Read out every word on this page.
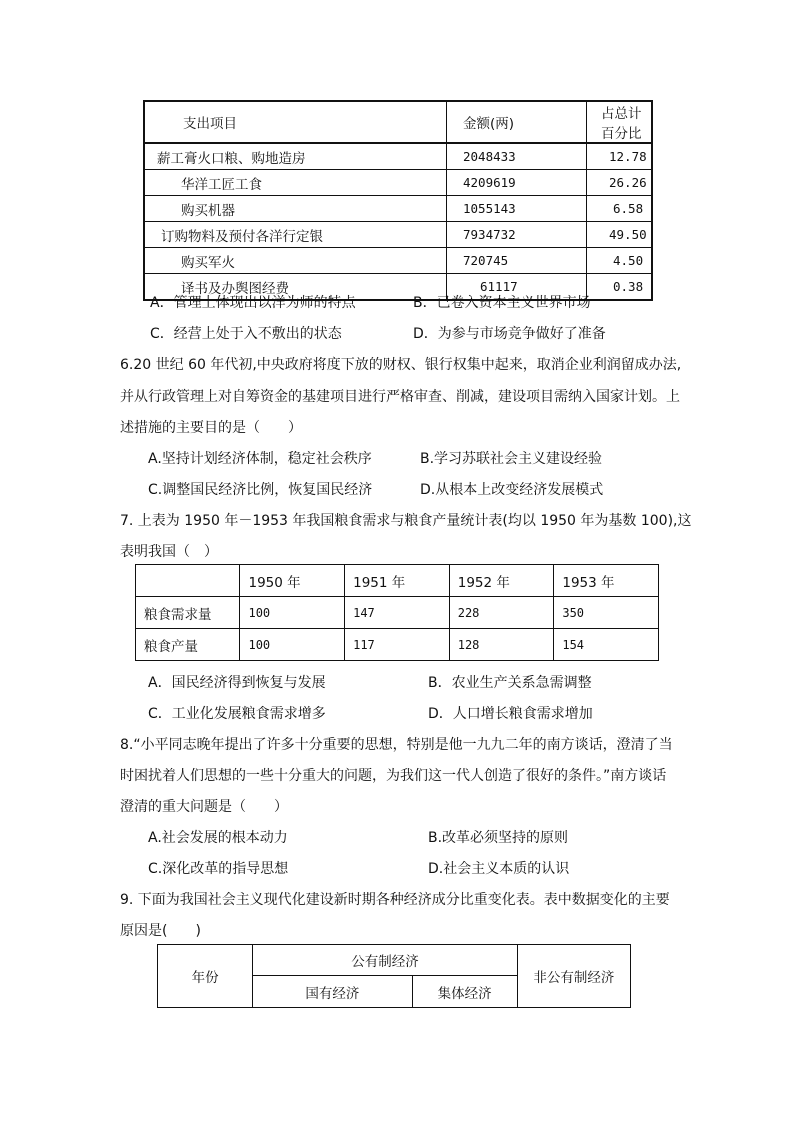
支出项目	金额(两)	占总计百分比
薪工膏火口粮、购地造房	2048433	12.78
华洋工匠工食	4209619	26.26
购买机器	1055143	6.58
订购物料及预付各洋行定银	7934732	49.50
购买军火	720745	4.50
译书及办舆图经费	61117	0.38
A．管理上体现出以洋为师的特点	B．已卷入资本主义世界市场
C．经营上处于入不敷出的状态	D．为参与市场竞争做好了准备
6.20 世纪 60 年代初,中央政府将度下放的财权、银行权集中起来，取消企业利润留成办法,
并从行政管理上对自筹资金的基建项目进行严格审查、削减，建设项目需纳入国家计划。上
述措施的主要目的是（　　）
A.坚持计划经济体制，稳定社会秩序	B.学习苏联社会主义建设经验
C.调整国民经济比例，恢复国民经济	D.从根本上改变经济发展模式
7. 上表为 1950 年－1953 年我国粮食需求与粮食产量统计表(均以 1950 年为基数 100),这
表明我国（　）
	1950 年	1951 年	1952 年	1953 年
粮食需求量	100	147	228	350
粮食产量	100	117	128	154
A．国民经济得到恢复与发展	B．农业生产关系急需调整
C．工业化发展粮食需求增多	D．人口增长粮食需求增加
8.“小平同志晚年提出了许多十分重要的思想，特别是他一九九二年的南方谈话，澄清了当
时困扰着人们思想的一些十分重大的问题，为我们这一代人创造了很好的条件。”南方谈话
澄清的重大问题是（　　）
A.社会发展的根本动力	B.改革必须坚持的原则
C.深化改革的指导思想	D.社会主义本质的认识
9. 下面为我国社会主义现代化建设新时期各种经济成分比重变化表。表中数据变化的主要
原因是(　　)
年份	公有制经济		非公有制经济
	国有经济	集体经济	
